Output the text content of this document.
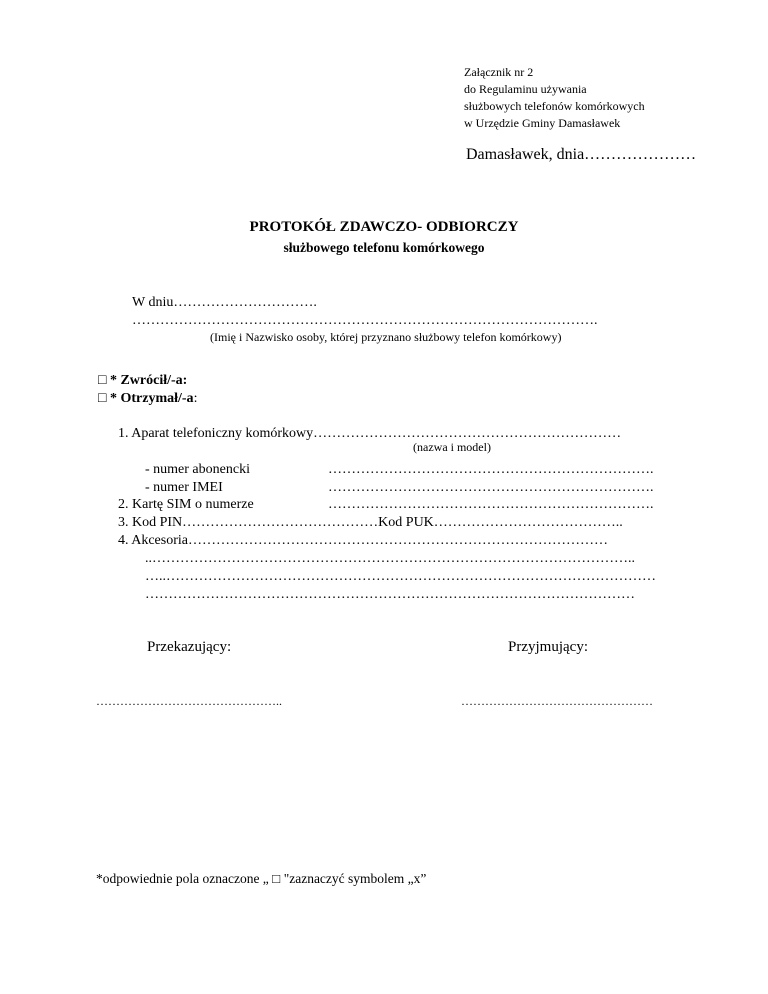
Załącznik nr 2
do Regulaminu używania
służbowych telefonów komórkowych
w Urzędzie Gminy Damasławek
Damasławek, dnia…………………
PROTOKÓŁ ZDAWCZO- ODBIORCZY
służbowego telefonu komórkowego
W dniu………………………….
……………………………………………………………………………………….
(Imię i Nazwisko osoby, której przyznano służbowy telefon komórkowy)
□ * Zwrócił/-a:
□ * Otrzymał/-a:
1. Aparat telefoniczny komórkowy…………………………………………………………
(nazwa i model)
- numer abonencki	…………………………………………………………….
- numer IMEI	…………………………………………………………….
2. Kartę SIM o numerze	…………………………………………………………….
3. Kod PIN……………………………………Kod PUK…………………………………..
4. Akcesoria………………………………………………………………………………
..…………………………………………………………………………………………..
…..……………………………………………………………………………………………
……………………………………………………………………………………………
Przekazujący:	Przyjmujący:
………………………………………..	…………………………………………
*odpowiednie pola oznaczone „ □ "zaznaczyć symbolem „x”
